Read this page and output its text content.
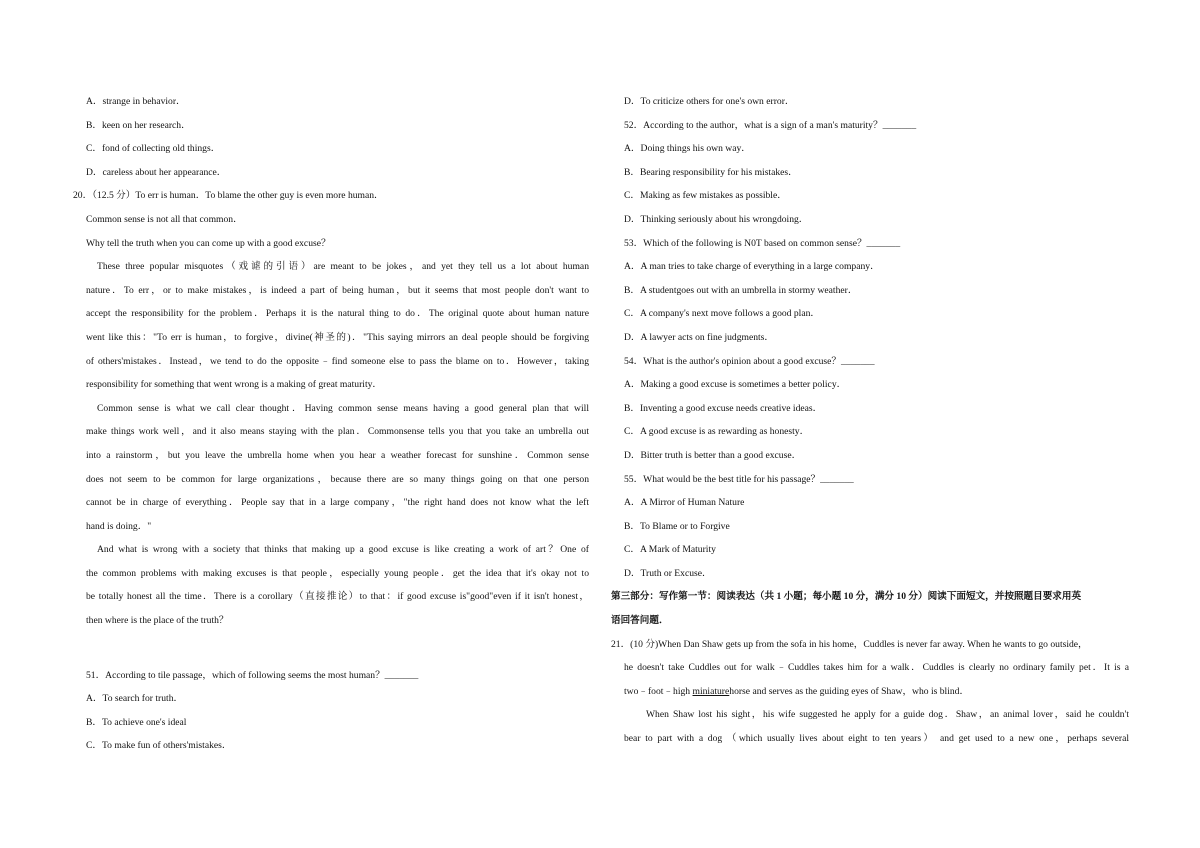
A．strange in behavior．
B．keen on her research．
C．fond of collecting old things．
D．careless about her appearance．
20．（12.5 分）To err is human．To blame the other guy is even more human．
Common sense is not all that common．
Why tell the truth when you can come up with a good excuse？
These three popular misquotes（戏谑的引语）are meant to be jokes，and yet they tell us a lot about human
nature．To err，or to make mistakes，is indeed a part of being human，but it seems that most people don't want to
accept the responsibility for the problem．Perhaps it is the natural thing to do．The original quote about human nature
went like this："To err is human，to forgive，divine(神圣的)．"This saying mirrors an deal people should be forgiving
of others'mistakes．Instead，we tend to do the opposite﹣find someone else to pass the blame on to．However，taking
responsibility for something that went wrong is a making of great maturity．
Common sense is what we call clear thought．Having common sense means having a good general plan that will
make things work well，and it also means staying with the plan．Commonsense tells you that you take an umbrella out
into a rainstorm，but you leave the umbrella home when you hear a weather forecast for sunshine．Common sense
does not seem to be common for large organizations，because there are so many things going on that one person
cannot be in charge of everything．People say that in a large company，"the right hand does not know what the left
hand is doing．"
And what is wrong with a society that thinks that making up a good excuse is like creating a work of art？One of
the common problems with making excuses is that people，especially young people．get the idea that it's okay not to
be totally honest all the time．There is a corollary（直接推论）to that：if good excuse is"good"even if it isn't honest，
then where is the place of the truth？
51．According to tile passage，which of following seems the most human？_______
A．To search for truth．
B．To achieve one's ideal
C．To make fun of others'mistakes．
D．To criticize others for one's own error．
52．According to the author，what is a sign of a man's maturity？_______
A．Doing things his own way．
B．Bearing responsibility for his mistakes．
C．Making as few mistakes as possible．
D．Thinking seriously about his wrongdoing．
53．Which of the following is N0T based on common sense？_______
A．A man tries to take charge of everything in a large company．
B．A studentgoes out with an umbrella in stormy weather．
C．A company's next move follows a good plan．
D．A lawyer acts on fine judgments．
54．What is the author's opinion about a good excuse？_______
A．Making a good excuse is sometimes a better policy．
B．Inventing a good excuse needs creative ideas．
C．A good excuse is as rewarding as honesty．
D．Bitter truth is better than a good excuse．
55．What would be the best title for his passage？_______
A．A Mirror of Human Nature
B．To Blame or to Forgive
C．A Mark of Maturity
D．Truth or Excuse．
第三部分：写作第一节：阅读表达（共 1 小题；每小题 10 分，满分 10 分）阅读下面短文，并按照题目要求用英
语回答问题．
21．(10 分)When Dan Shaw gets up from the sofa in his home，Cuddles is never far away. When he wants to go outside，
he doesn't take Cuddles out for walk﹣Cuddles takes him for a walk．Cuddles is clearly no ordinary family pet．It is a
two﹣foot﹣high miniaturehorse and serves as the guiding eyes of Shaw，who is blind．
When Shaw lost his sight，his wife suggested he apply for a guide dog．Shaw，an animal lover，said he couldn't
bear to part with a dog （which usually lives about eight to ten years） and get used to a new one，perhaps several
